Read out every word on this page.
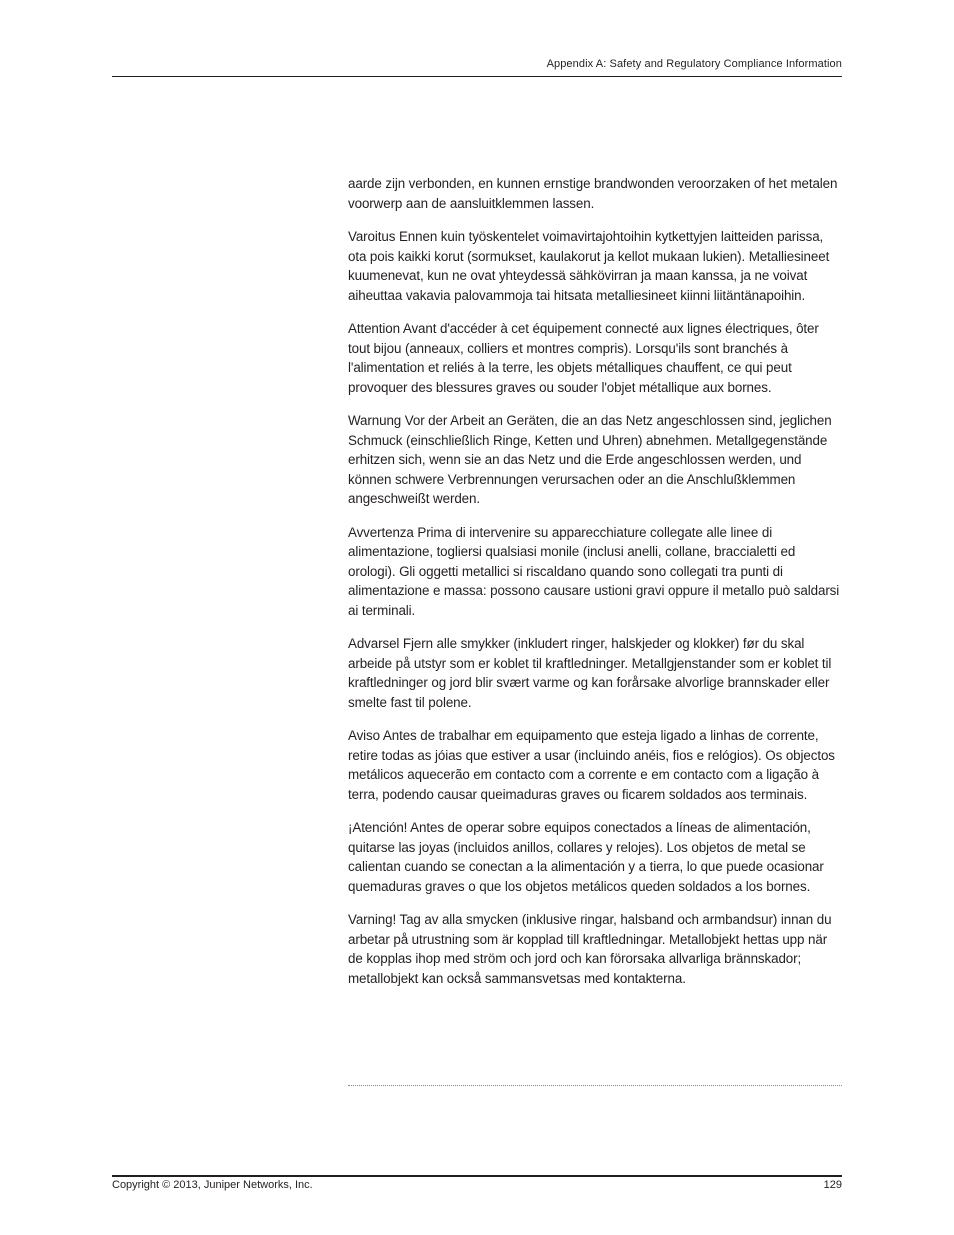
Appendix A: Safety and Regulatory Compliance Information

aarde zijn verbonden, en kunnen ernstige brandwonden veroorzaken of het metalen voorwerp aan de aansluitklemmen lassen.

Varoitus Ennen kuin työskentelet voimavirtajohtoihin kytkettyjen laitteiden parissa, ota pois kaikki korut (sormukset, kaulakorut ja kellot mukaan lukien). Metalliesineet kuumenevat, kun ne ovat yhteydessä sähkövirran ja maan kanssa, ja ne voivat aiheuttaa vakavia palovammoja tai hitsata metalliesineet kiinni liitäntänapoihin.

Attention Avant d'accéder à cet équipement connecté aux lignes électriques, ôter tout bijou (anneaux, colliers et montres compris). Lorsqu'ils sont branchés à l'alimentation et reliés à la terre, les objets métalliques chauffent, ce qui peut provoquer des blessures graves ou souder l'objet métallique aux bornes.

Warnung Vor der Arbeit an Geräten, die an das Netz angeschlossen sind, jeglichen Schmuck (einschließlich Ringe, Ketten und Uhren) abnehmen. Metallgegenstände erhitzen sich, wenn sie an das Netz und die Erde angeschlossen werden, und können schwere Verbrennungen verursachen oder an die Anschlußklemmen angeschweißt werden.

Avvertenza Prima di intervenire su apparecchiature collegate alle linee di alimentazione, togliersi qualsiasi monile (inclusi anelli, collane, braccialetti ed orologi). Gli oggetti metallici si riscaldano quando sono collegati tra punti di alimentazione e massa: possono causare ustioni gravi oppure il metallo può saldarsi ai terminali.

Advarsel Fjern alle smykker (inkludert ringer, halskjeder og klokker) før du skal arbeide på utstyr som er koblet til kraftledninger. Metallgjenstander som er koblet til kraftledninger og jord blir svært varme og kan forårsake alvorlige brannskader eller smelte fast til polene.

Aviso Antes de trabalhar em equipamento que esteja ligado a linhas de corrente, retire todas as jóias que estiver a usar (incluindo anéis, fios e relógios). Os objectos metálicos aquecerão em contacto com a corrente e em contacto com a ligação à terra, podendo causar queimaduras graves ou ficarem soldados aos terminais.

¡Atención! Antes de operar sobre equipos conectados a líneas de alimentación, quitarse las joyas (incluidos anillos, collares y relojes). Los objetos de metal se calientan cuando se conectan a la alimentación y a tierra, lo que puede ocasionar quemaduras graves o que los objetos metálicos queden soldados a los bornes.

Varning! Tag av alla smycken (inklusive ringar, halsband och armbandsur) innan du arbetar på utrustning som är kopplad till kraftledningar. Metallobjekt hettas upp när de kopplas ihop med ström och jord och kan förorsaka allvarliga brännskador; metallobjekt kan också sammansvetsas med kontakterna.

Copyright © 2013, Juniper Networks, Inc.	129
